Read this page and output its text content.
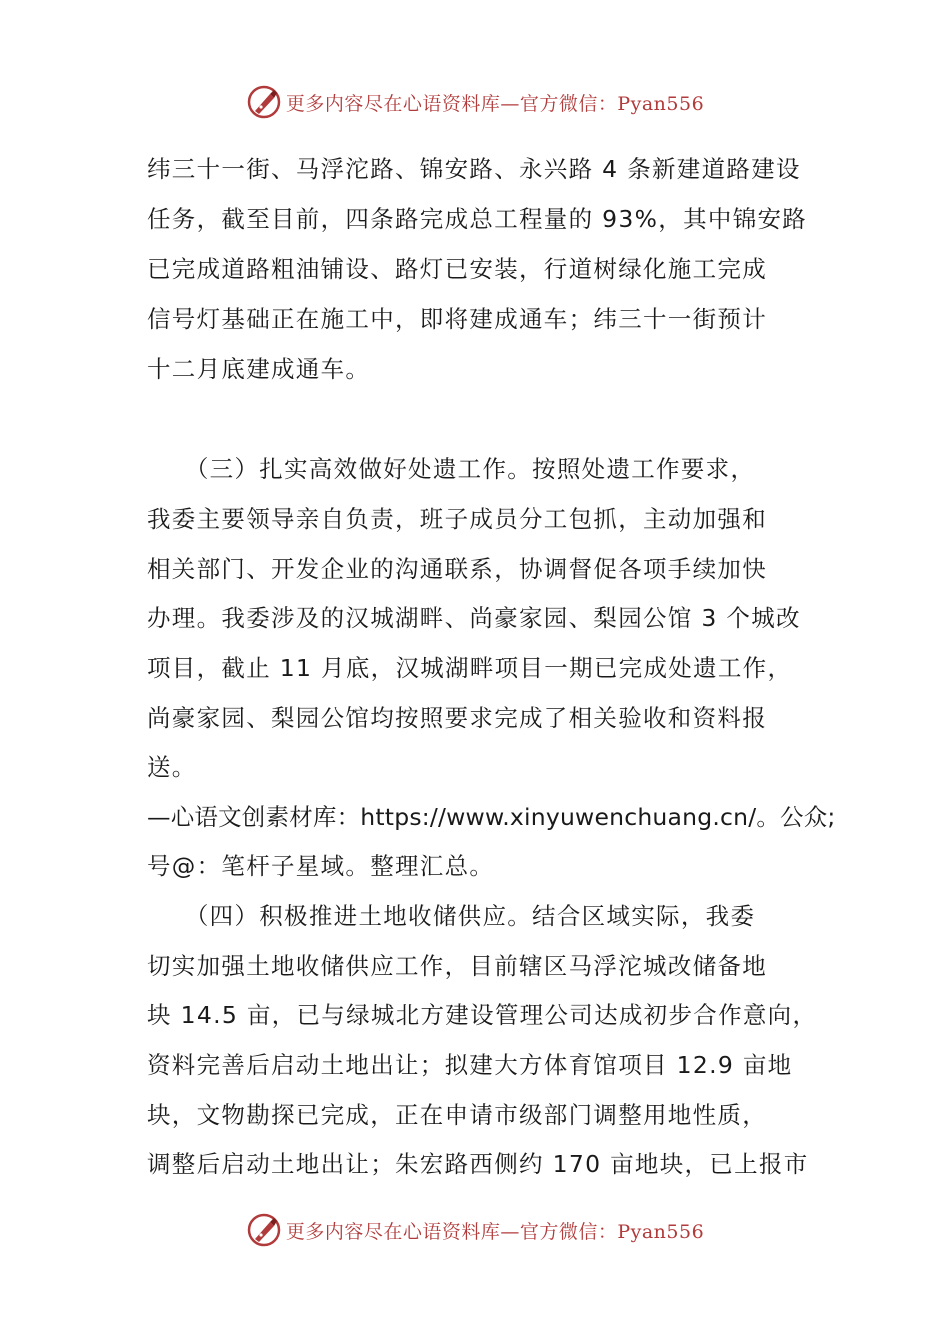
更多内容尽在心语资料库—官方微信：Pyan556
纬三十一街、马浮沱路、锦安路、永兴路 4 条新建道路建设
任务，截至目前，四条路完成总工程量的 93%，其中锦安路
已完成道路粗油铺设、路灯已安装，行道树绿化施工完成
信号灯基础正在施工中，即将建成通车；纬三十一街预计
十二月底建成通车。
　　（三）扎实高效做好处遗工作。按照处遗工作要求，
我委主要领导亲自负责，班子成员分工包抓，主动加强和
相关部门、开发企业的沟通联系，协调督促各项手续加快
办理。我委涉及的汉城湖畔、尚豪家园、梨园公馆 3 个城改
项目，截止 11 月底，汉城湖畔项目一期已完成处遗工作，
尚豪家园、梨园公馆均按照要求完成了相关验收和资料报
送。
—心语文创素材库：https://www.xinyuwenchuang.cn/。公众;
号@：笔杆子星域。整理汇总。
　　（四）积极推进土地收储供应。结合区域实际，我委
切实加强土地收储供应工作，目前辖区马浮沱城改储备地
块 14.5 亩，已与绿城北方建设管理公司达成初步合作意向，
资料完善后启动土地出让；拟建大方体育馆项目 12.9 亩地
块，文物勘探已完成，正在申请市级部门调整用地性质，
调整后启动土地出让；朱宏路西侧约 170 亩地块，已上报市
更多内容尽在心语资料库—官方微信：Pyan556
